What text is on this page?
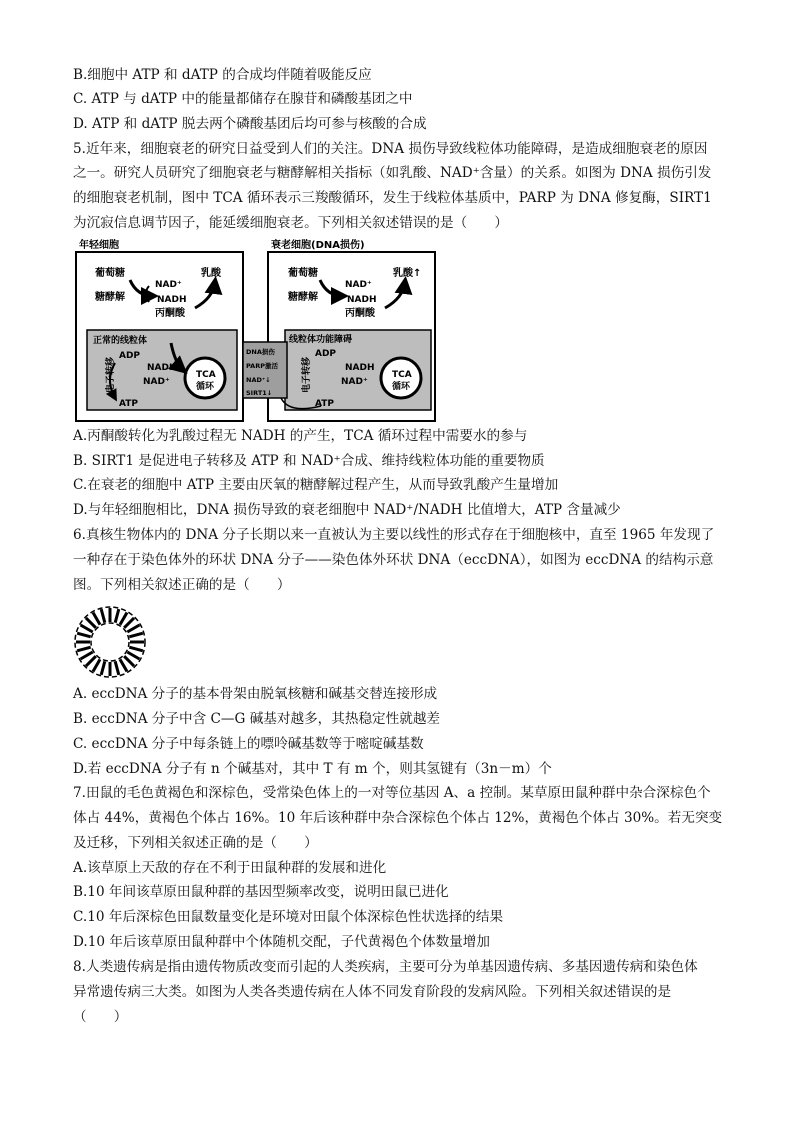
B.细胞中 ATP 和 dATP 的合成均伴随着吸能反应
C. ATP 与 dATP 中的能量都储存在腺苷和磷酸基团之中
D. ATP 和 dATP 脱去两个磷酸基团后均可参与核酸的合成
5.近年来，细胞衰老的研究日益受到人们的关注。DNA 损伤导致线粒体功能障碍，是造成细胞衰老的原因
之一。研究人员研究了细胞衰老与糖酵解相关指标（如乳酸、NAD⁺含量）的关系。如图为 DNA 损伤引发
的细胞衰老机制，图中 TCA 循环表示三羧酸循环，发生于线粒体基质中，PARP 为 DNA 修复酶，SIRT1
为沉寂信息调节因子，能延缓细胞衰老。下列相关叙述错误的是（　　）
年轻细胞
葡萄糖
糖酵解
NAD⁺
NADH
丙酮酸
乳酸
正常的线粒体
ADP
NADH
NAD⁺
ATP
电子转移	TCA
循环
衰老细胞(DNA损伤)
葡萄糖
糖酵解
NAD⁺
NADH
丙酮酸
乳酸↑
线粒体功能障碍
ADP
NADH
NAD⁺
ATP
电子转移	TCA
循环
DNA损伤
PARP激活
NAD⁺↓
SIRT1↓
A.丙酮酸转化为乳酸过程无 NADH 的产生，TCA 循环过程中需要水的参与
B. SIRT1 是促进电子转移及 ATP 和 NAD⁺合成、维持线粒体功能的重要物质
C.在衰老的细胞中 ATP 主要由厌氧的糖酵解过程产生，从而导致乳酸产生量增加
D.与年轻细胞相比，DNA 损伤导致的衰老细胞中 NAD⁺/NADH 比值增大，ATP 含量减少
6.真核生物体内的 DNA 分子长期以来一直被认为主要以线性的形式存在于细胞核中，直至 1965 年发现了
一种存在于染色体外的环状 DNA 分子——染色体外环状 DNA（eccDNA），如图为 eccDNA 的结构示意
图。下列相关叙述正确的是（　　）
A. eccDNA 分子的基本骨架由脱氧核糖和碱基交替连接形成
B. eccDNA 分子中含 C—G 碱基对越多，其热稳定性就越差
C. eccDNA 分子中每条链上的嘌呤碱基数等于嘧啶碱基数
D.若 eccDNA 分子有 n 个碱基对，其中 T 有 m 个，则其氢键有（3n－m）个
7.田鼠的毛色黄褐色和深棕色，受常染色体上的一对等位基因 A、a 控制。某草原田鼠种群中杂合深棕色个
体占 44%，黄褐色个体占 16%。10 年后该种群中杂合深棕色个体占 12%，黄褐色个体占 30%。若无突变
及迁移，下列相关叙述正确的是（　　）
A.该草原上天敌的存在不利于田鼠种群的发展和进化
B.10 年间该草原田鼠种群的基因型频率改变，说明田鼠已进化
C.10 年后深棕色田鼠数量变化是环境对田鼠个体深棕色性状选择的结果
D.10 年后该草原田鼠种群中个体随机交配，子代黄褐色个体数量增加
8.人类遗传病是指由遗传物质改变而引起的人类疾病，主要可分为单基因遗传病、多基因遗传病和染色体
异常遗传病三大类。如图为人类各类遗传病在人体不同发育阶段的发病风险。下列相关叙述错误的是
（　　）
